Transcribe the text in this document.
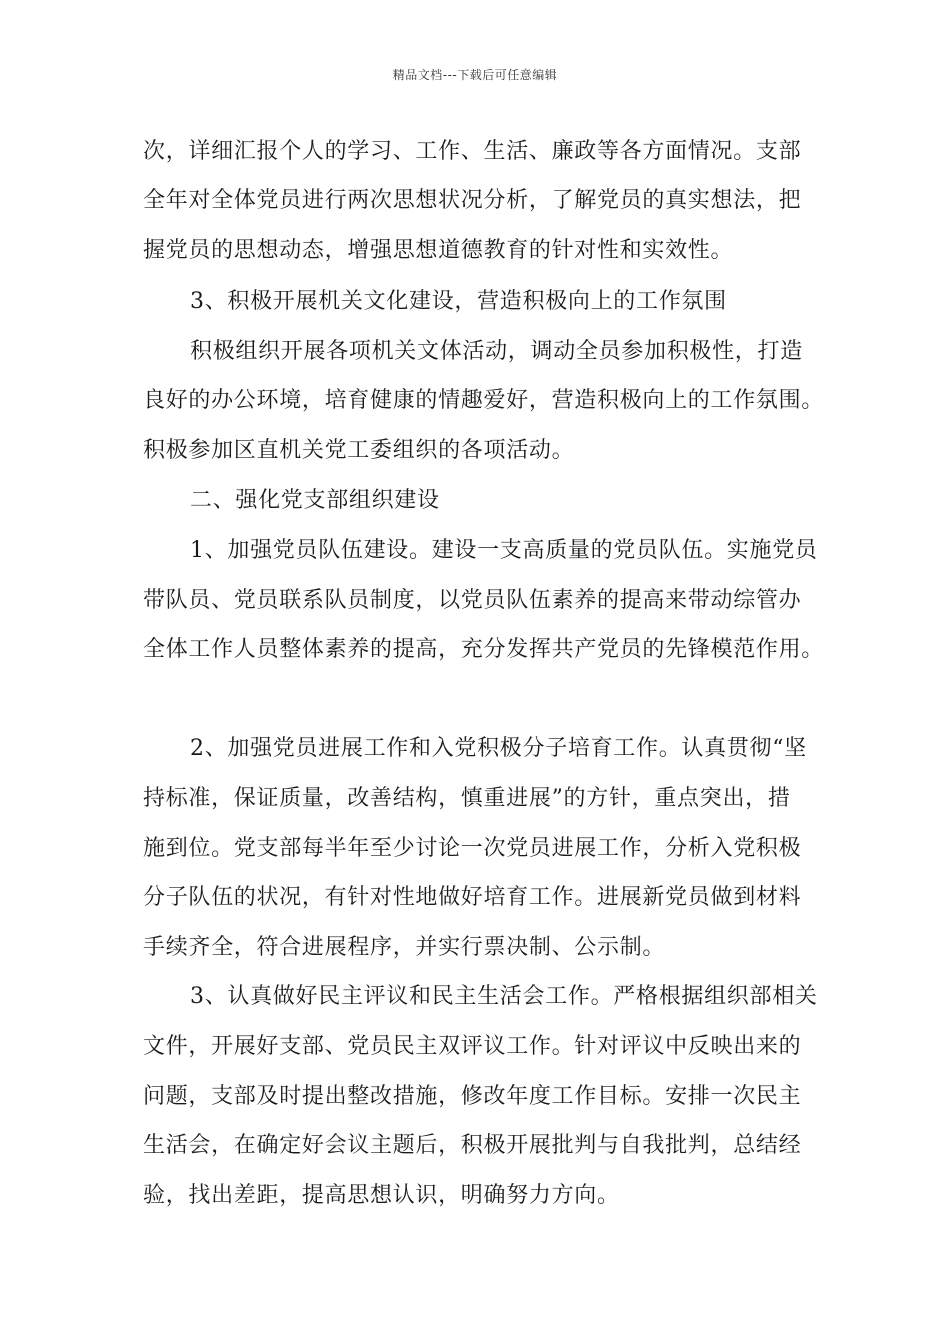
精品文档---下载后可任意编辑
次，详细汇报个人的学习、工作、生活、廉政等各方面情况。支部
全年对全体党员进行两次思想状况分析，了解党员的真实想法，把
握党员的思想动态，增强思想道德教育的针对性和实效性。
3、积极开展机关文化建设，营造积极向上的工作氛围
积极组织开展各项机关文体活动，调动全员参加积极性，打造
良好的办公环境，培育健康的情趣爱好，营造积极向上的工作氛围。
积极参加区直机关党工委组织的各项活动。
二、强化党支部组织建设
1、加强党员队伍建设。建设一支高质量的党员队伍。实施党员
带队员、党员联系队员制度，以党员队伍素养的提高来带动综管办
全体工作人员整体素养的提高，充分发挥共产党员的先锋模范作用。
2、加强党员进展工作和入党积极分子培育工作。认真贯彻“坚
持标准，保证质量，改善结构，慎重进展”的方针，重点突出，措
施到位。党支部每半年至少讨论一次党员进展工作，分析入党积极
分子队伍的状况，有针对性地做好培育工作。进展新党员做到材料
手续齐全，符合进展程序，并实行票决制、公示制。
3、认真做好民主评议和民主生活会工作。严格根据组织部相关
文件，开展好支部、党员民主双评议工作。针对评议中反映出来的
问题，支部及时提出整改措施，修改年度工作目标。安排一次民主
生活会，在确定好会议主题后，积极开展批判与自我批判，总结经
验，找出差距，提高思想认识，明确努力方向。
